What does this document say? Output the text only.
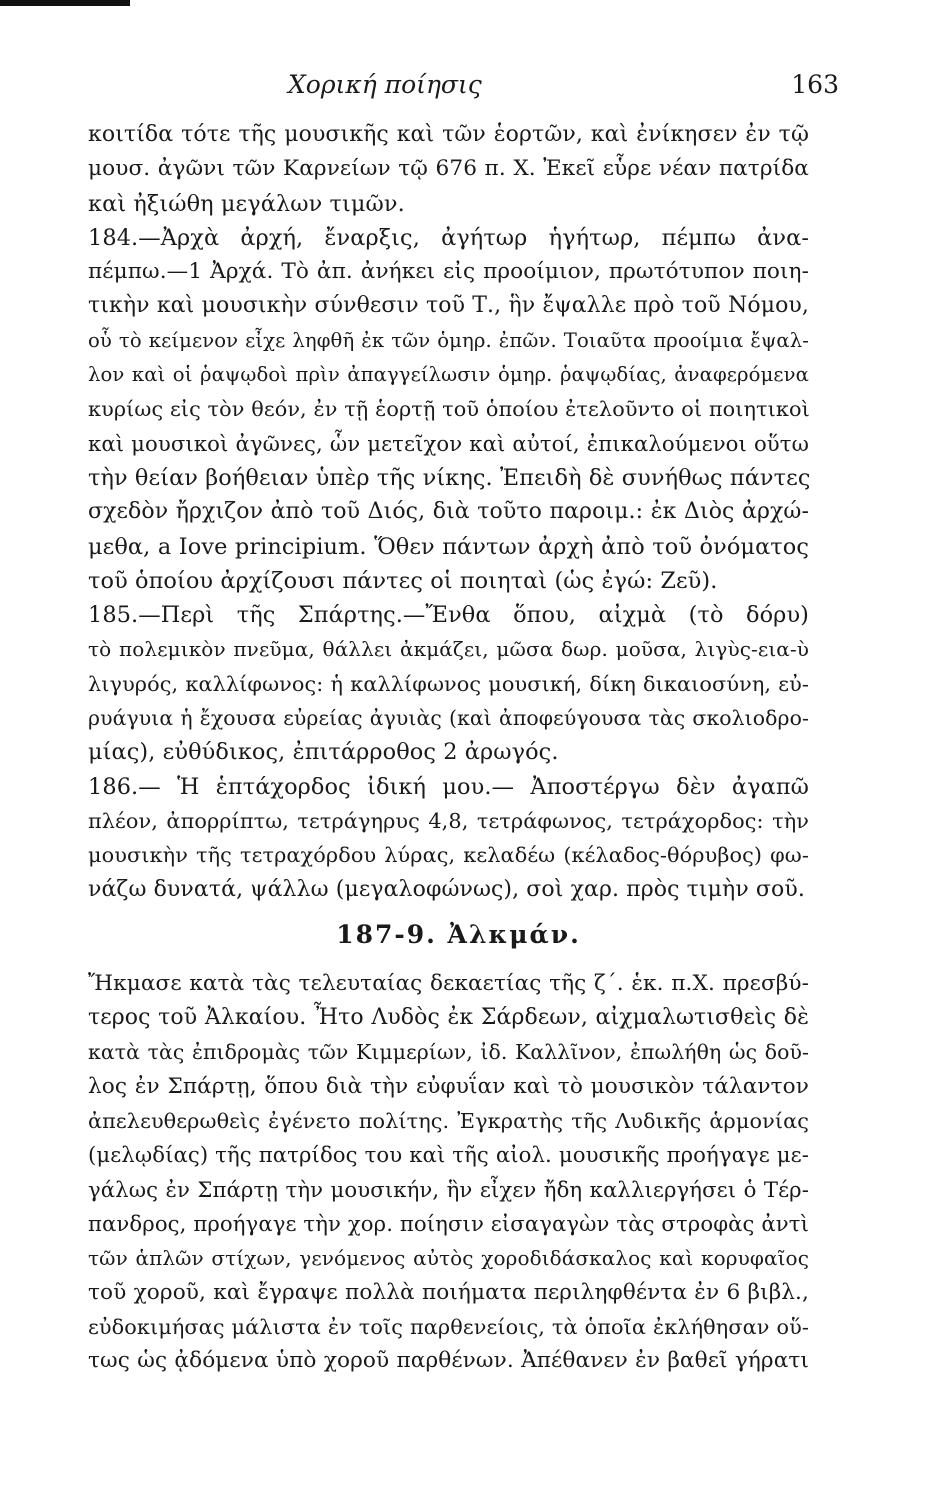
Χορική ποίησις	163
κοιτίδα τότε τῆς μουσικῆς καὶ τῶν ἑορτῶν, καὶ ἐνίκησεν ἐν τῷ
μουσ. ἀγῶνι τῶν Καρνείων τῷ 676 π. Χ. Ἐκεῖ εὗρε νέαν πατρίδα
καὶ ἠξιώθη μεγάλων τιμῶν.
184.—Ἀρχὰ ἀρχή, ἔναρξις, ἀγήτωρ ἡγήτωρ, πέμπω ἀνα-
πέμπω.—1 Ἀρχά. Τὸ ἀπ. ἀνήκει εἰς προοίμιον, πρωτότυπον ποιη-
τικὴν καὶ μουσικὴν σύνθεσιν τοῦ Τ., ἣν ἔψαλλε πρὸ τοῦ Νόμου,
οὗ τὸ κείμενον εἶχε ληφθῆ ἐκ τῶν ὁμηρ. ἐπῶν. Τοιαῦτα προοίμια ἔψαλ-
λον καὶ οἱ ῥαψῳδοὶ πρὶν ἀπαγγείλωσιν ὁμηρ. ῥαψῳδίας, ἀναφερόμενα
κυρίως εἰς τὸν θεόν, ἐν τῇ ἑορτῇ τοῦ ὁποίου ἐτελοῦντο οἱ ποιητικοὶ
καὶ μουσικοὶ ἀγῶνες, ὧν μετεῖχον καὶ αὐτοί, ἐπικαλούμενοι οὕτω
τὴν θείαν βοήθειαν ὑπὲρ τῆς νίκης. Ἐπειδὴ δὲ συνήθως πάντες
σχεδὸν ἤρχιζον ἀπὸ τοῦ Διός, διὰ τοῦτο παροιμ.: ἐκ Διὸς ἀρχώ-
μεθα, a Iove principium. Ὅθεν πάντων ἀρχὴ ἀπὸ τοῦ ὀνόματος
τοῦ ὁποίου ἀρχίζουσι πάντες οἱ ποιηταὶ (ὡς ἐγώ: Ζεῦ).
185.—Περὶ τῆς Σπάρτης.—Ἔνθα ὅπου, αἰχμὰ (τὸ δόρυ)
τὸ πολεμικὸν πνεῦμα, θάλλει ἀκμάζει, μῶσα δωρ. μοῦσα, λιγὺς-εια-ὺ
λιγυρός, καλλίφωνος: ἡ καλλίφωνος μουσική, δίκη δικαιοσύνη, εὐ-
ρυάγυια ἡ ἔχουσα εὐρείας ἀγυιὰς (καὶ ἀποφεύγουσα τὰς σκολιοδρο-
μίας), εὐθύδικος, ἐπιτάρροθος 2 ἀρωγός.
186.— Ἡ ἑπτάχορδος ἰδική μου.— Ἀποστέργω δὲν ἀγαπῶ
πλέον, ἀπορρίπτω, τετράγηρυς 4,8, τετράφωνος, τετράχορδος: τὴν
μουσικὴν τῆς τετραχόρδου λύρας, κελαδέω (κέλαδος-θόρυβος) φω-
νάζω δυνατά, ψάλλω (μεγαλοφώνως), σοὶ χαρ. πρὸς τιμὴν σοῦ.
187-9. Ἀλκμάν.
Ἤκμασε κατὰ τὰς τελευταίας δεκαετίας τῆς ζ΄. ἑκ. π.Χ. πρεσβύ-
τερος τοῦ Ἀλκαίου. Ἦτο Λυδὸς ἐκ Σάρδεων, αἰχμαλωτισθεὶς δὲ
κατὰ τὰς ἐπιδρομὰς τῶν Κιμμερίων, ἰδ. Καλλῖνον, ἐπωλήθη ὡς δοῦ-
λος ἐν Σπάρτῃ, ὅπου διὰ τὴν εὐφυΐαν καὶ τὸ μουσικὸν τάλαντον
ἀπελευθερωθεὶς ἐγένετο πολίτης. Ἐγκρατὴς τῆς Λυδικῆς ἁρμονίας
(μελῳδίας) τῆς πατρίδος του καὶ τῆς αἰολ. μουσικῆς προήγαγε με-
γάλως ἐν Σπάρτῃ τὴν μουσικήν, ἣν εἶχεν ἤδη καλλιεργήσει ὁ Τέρ-
πανδρος, προήγαγε τὴν χορ. ποίησιν εἰσαγαγὼν τὰς στροφὰς ἀντὶ
τῶν ἁπλῶν στίχων, γενόμενος αὐτὸς χοροδιδάσκαλος καὶ κορυφαῖος
τοῦ χοροῦ, καὶ ἔγραψε πολλὰ ποιήματα περιληφθέντα ἐν 6 βιβλ.,
εὐδοκιμήσας μάλιστα ἐν τοῖς παρθενείοις, τὰ ὁποῖα ἐκλήθησαν οὕ-
τως ὡς ᾀδόμενα ὑπὸ χοροῦ παρθένων. Ἀπέθανεν ἐν βαθεῖ γήρατι
